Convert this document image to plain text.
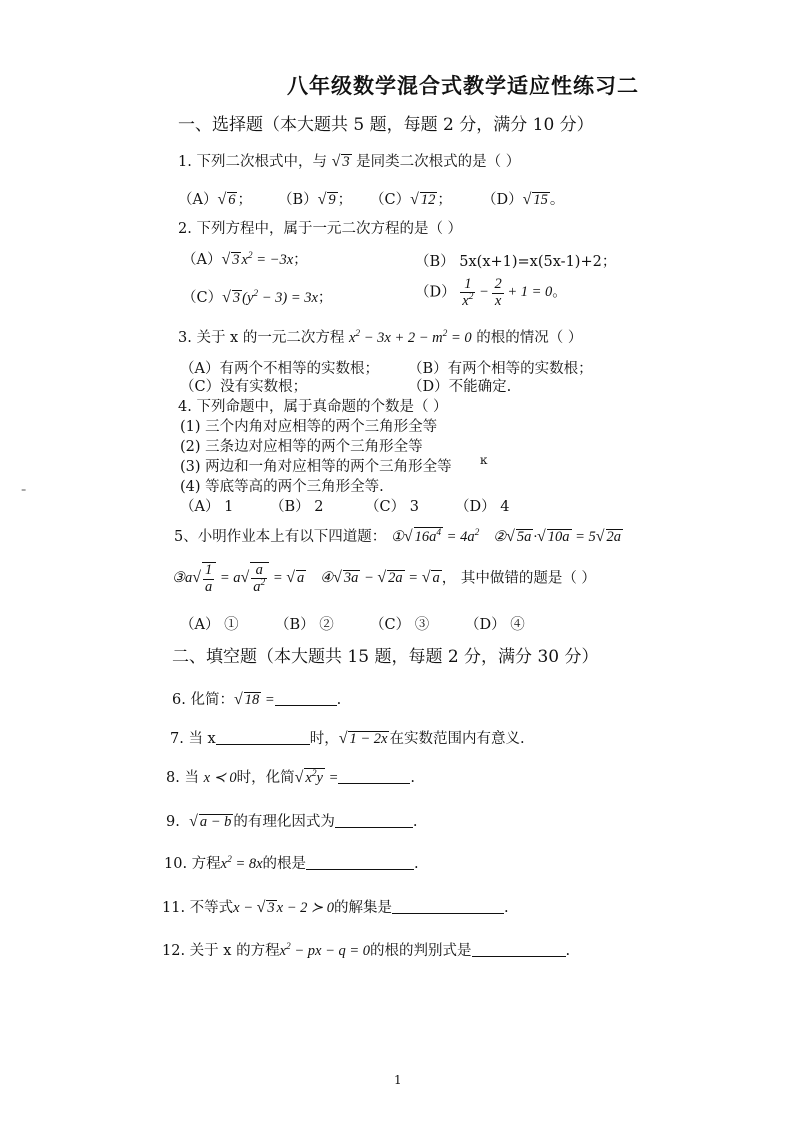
八年级数学混合式教学适应性练习二
一、选择题（本大题共 5 题，每题 2 分，满分 10 分）
1. 下列二次根式中，与 √ 3 是同类二次根式的是（ ）
（A）√ 6 ； （B）√ 9 ； （C）√ 12 ； （D）√ 15 。
2. 下列方程中，属于一元二次方程的是（ ）
（A）√ 3 $x^2 = -3x$；	（B） 5x(x+1)=x(5x-1)+2；
（C）√ 3 $(y^2 - 3) = 3x$；	$(D) \frac{1}{x^2} - \frac{2}{x} + 1 = 0$。
3. 关于 x 的一元二次方程 $x^2 - 3x + 2 - m^2 = 0$ 的根的情况（ ）
（A）有两个不相等的实数根； （B）有两个相等的实数根；
（C）没有实数根；	（D）不能确定.
4. 下列命题中，属于真命题的个数是（ ）
(1) 三个内角对应相等的两个三角形全等
(2) 三条边对应相等的两个三角形全等
(3) 两边和一角对应相等的两个三角形全等 ĸ
(4) 等底等高的两个三角形全等.
（A） 1	（B） 2	（C） 3 （D） 4
5、小明作业本上有以下四道题： ①√ $16a^4 = 4a^2$ ②√ 5a ·√ 10a = 5√ 2a
③a√ $\frac{1}{a} = a√ \frac{a}{a^2}$ = √ a ④√ 3a − √ 2a = √ a ， 其中做错的题是（ ）
（A） ①	（B） ② （C） ③ （D） ④
二、填空题（本大题共 15 题，每题 2 分，满分 30 分）
6. 化简：√ 18 =	.
7. 当 x	时，√ 1 − 2x 在实数范围内有意义.
8. 当 x ≺ 0时，化简√ $x^2y$ =	.
9. √ a − b 的有理化因式为	.
10. 方程$x^2 = 8x$的根是	.
11. 不等式x − √ 3 x − 2 ≻ 0的解集是	.
12. 关于 x 的方程$x^2$ − px − q = 0的根的判别式是	.
⁼
1
